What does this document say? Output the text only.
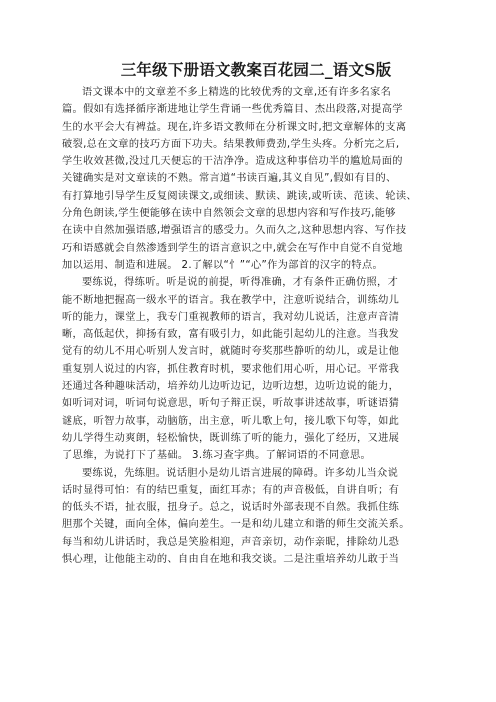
三年级下册语文教案百花园二_语文S版
语文课本中的文章差不多上精选的比较优秀的文章,还有许多名家名
篇。假如有选择循序渐进地让学生背诵一些优秀篇目、杰出段落,对提高学
生的水平会大有裨益。现在,许多语文教师在分析课文时,把文章解体的支离
破裂,总在文章的技巧方面下功夫。结果教师费劲,学生头疼。分析完之后,
学生收效甚微,没过几天便忘的干洁净净。造成这种事倍功半的尴尬局面的
关键确实是对文章读的不熟。常言道“书读百遍,其义自见”,假如有目的、
有打算地引导学生反复阅读课文,或细读、默读、跳读,或听读、范读、轮读、
分角色朗读,学生便能够在读中自然领会文章的思想内容和写作技巧,能够
在读中自然加强语感,增强语言的感受力。久而久之,这种思想内容、写作技
巧和语感就会自然渗透到学生的语言意识之中,就会在写作中自觉不自觉地
加以运用、制造和进展。 2.了解以“忄”“心”作为部首的汉字的特点。
要练说，得练听。听是说的前提，听得准确，才有条件正确仿照，才
能不断地把握高一级水平的语言。我在教学中，注意听说结合，训练幼儿
听的能力，课堂上，我专门重视教师的语言，我对幼儿说话，注意声音清
晰，高低起伏，抑扬有致，富有吸引力，如此能引起幼儿的注意。当我发
觉有的幼儿不用心听别人发言时，就随时夸奖那些静听的幼儿，或是让他
重复别人说过的内容，抓住教育时机，要求他们用心听，用心记。平常我
还通过各种趣味活动，培养幼儿边听边记，边听边想，边听边说的能力，
如听词对词，听词句说意思，听句子辩正误，听故事讲述故事，听谜语猜
谜底，听智力故事，动脑筋，出主意，听儿歌上句，接儿歌下句等，如此
幼儿学得生动爽朗，轻松愉快，既训练了听的能力，强化了经历，又进展
了思维，为说打下了基础。 3.练习查字典。了解词语的不同意思。
要练说，先练胆。说话胆小是幼儿语言进展的障碍。许多幼儿当众说
话时显得可怕：有的结巴重复，面红耳赤；有的声音极低，自讲自听；有
的低头不语，扯衣服，扭身子。总之，说话时外部表现不自然。我抓住练
胆那个关键，面向全体，偏向差生。一是和幼儿建立和谐的师生交流关系。
每当和幼儿讲话时，我总是笑脸相迎，声音亲切，动作亲昵，排除幼儿恐
惧心理，让他能主动的、自由自在地和我交谈。二是注重培养幼儿敢于当
